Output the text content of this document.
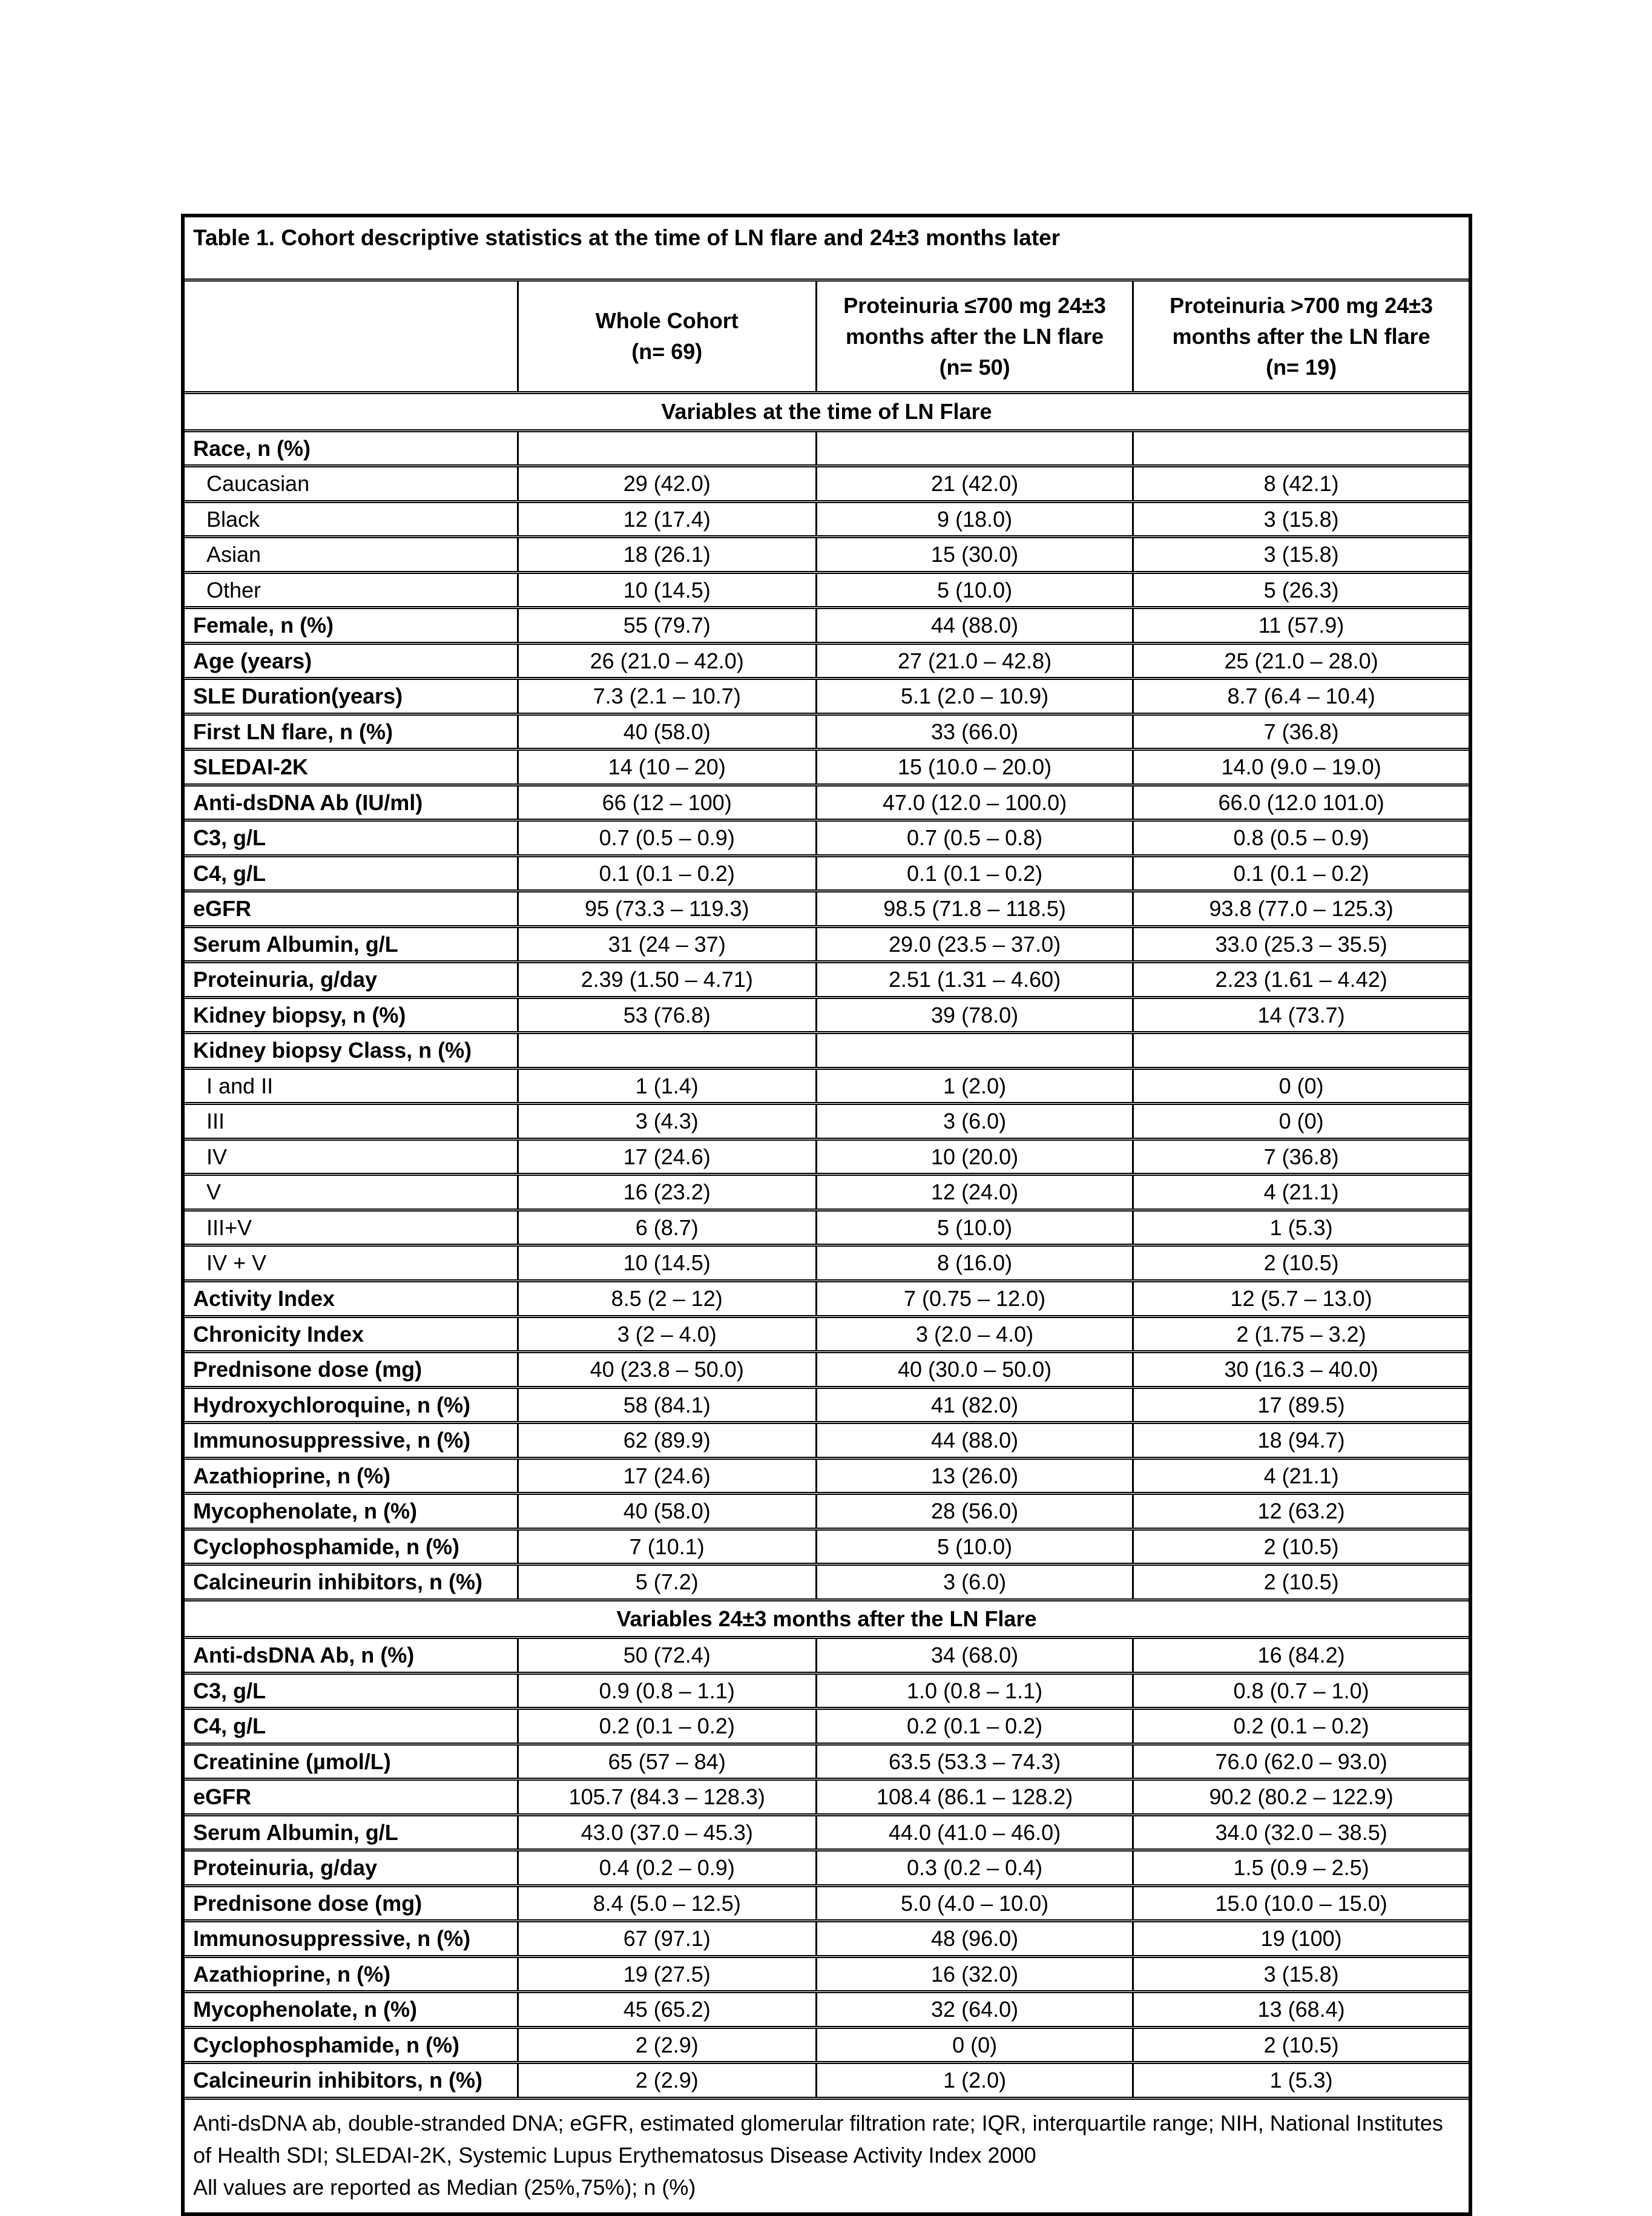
Table 1. Cohort descriptive statistics at the time of LN flare and 24±3 months later			

Whole Cohort
(n= 69)

Proteinuria ≤700 mg 24±3
months after the LN flare
(n= 50)

Proteinuria >700 mg 24±3
months after the LN flare
(n= 19)

Variables at the time of LN Flare			
Race, n (%)			
Caucasian	29 (42.0)	21 (42.0)	8 (42.1)
Black	12 (17.4)	9 (18.0)	3 (15.8)
Asian	18 (26.1)	15 (30.0)	3 (15.8)
Other	10 (14.5)	5 (10.0)	5 (26.3)
Female, n (%)	55 (79.7)	44 (88.0)	11 (57.9)
Age (years)	26 (21.0 – 42.0)	27 (21.0 – 42.8)	25 (21.0 – 28.0)
SLE Duration(years)	7.3 (2.1 – 10.7)	5.1 (2.0 – 10.9)	8.7 (6.4 – 10.4)
First LN flare, n (%)	40 (58.0)	33 (66.0)	7 (36.8)
SLEDAI-2K	14 (10 – 20)	15 (10.0 – 20.0)	14.0 (9.0 – 19.0)
Anti-dsDNA Ab (IU/ml)	66 (12 – 100)	47.0 (12.0 – 100.0)	66.0 (12.0 101.0)
C3, g/L	0.7 (0.5 – 0.9)	0.7 (0.5 – 0.8)	0.8 (0.5 – 0.9)
C4, g/L	0.1 (0.1 – 0.2)	0.1 (0.1 – 0.2)	0.1 (0.1 – 0.2)
eGFR	95 (73.3 – 119.3)	98.5 (71.8 – 118.5)	93.8 (77.0 – 125.3)
Serum Albumin, g/L	31 (24 – 37)	29.0 (23.5 – 37.0)	33.0 (25.3 – 35.5)
Proteinuria, g/day	2.39 (1.50 – 4.71)	2.51 (1.31 – 4.60)	2.23 (1.61 – 4.42)
Kidney biopsy, n (%)	53 (76.8)	39 (78.0)	14 (73.7)
Kidney biopsy Class, n (%)			
I and II	1 (1.4)	1 (2.0)	0 (0)
III	3 (4.3)	3 (6.0)	0 (0)
IV	17 (24.6)	10 (20.0)	7 (36.8)
V	16 (23.2)	12 (24.0)	4 (21.1)
III+V	6 (8.7)	5 (10.0)	1 (5.3)
IV + V	10 (14.5)	8 (16.0)	2 (10.5)
Activity Index	8.5 (2 – 12)	7 (0.75 – 12.0)	12 (5.7 – 13.0)
Chronicity Index	3 (2 – 4.0)	3 (2.0 – 4.0)	2 (1.75 – 3.2)
Prednisone dose (mg)	40 (23.8 – 50.0)	40 (30.0 – 50.0)	30 (16.3 – 40.0)
Hydroxychloroquine, n (%)	58 (84.1)	41 (82.0)	17 (89.5)
Immunosuppressive, n (%)	62 (89.9)	44 (88.0)	18 (94.7)
Azathioprine, n (%)	17 (24.6)	13 (26.0)	4 (21.1)
Mycophenolate, n (%)	40 (58.0)	28 (56.0)	12 (63.2)
Cyclophosphamide, n (%)	7 (10.1)	5 (10.0)	2 (10.5)
Calcineurin inhibitors, n (%)	5 (7.2)	3 (6.0)	2 (10.5)
Variables 24±3 months after the LN Flare			
Anti-dsDNA Ab, n (%)	50 (72.4)	34 (68.0)	16 (84.2)
C3, g/L	0.9 (0.8 – 1.1)	1.0 (0.8 – 1.1)	0.8 (0.7 – 1.0)
C4, g/L	0.2 (0.1 – 0.2)	0.2 (0.1 – 0.2)	0.2 (0.1 – 0.2)
Creatinine (µmol/L)	65 (57 – 84)	63.5 (53.3 – 74.3)	76.0 (62.0 – 93.0)
eGFR	105.7 (84.3 – 128.3)	108.4 (86.1 – 128.2)	90.2 (80.2 – 122.9)
Serum Albumin, g/L	43.0 (37.0 – 45.3)	44.0 (41.0 – 46.0)	34.0 (32.0 – 38.5)
Proteinuria, g/day	0.4 (0.2 – 0.9)	0.3 (0.2 – 0.4)	1.5 (0.9 – 2.5)
Prednisone dose (mg)	8.4 (5.0 – 12.5)	5.0 (4.0 – 10.0)	15.0 (10.0 – 15.0)
Immunosuppressive, n (%)	67 (97.1)	48 (96.0)	19 (100)
Azathioprine, n (%)	19 (27.5)	16 (32.0)	3 (15.8)
Mycophenolate, n (%)	45 (65.2)	32 (64.0)	13 (68.4)
Cyclophosphamide, n (%)	2 (2.9)	0 (0)	2 (10.5)
Calcineurin inhibitors, n (%)	2 (2.9)	1 (2.0)	1 (5.3)

Anti-dsDNA ab, double-stranded DNA; eGFR, estimated glomerular filtration rate; IQR, interquartile range; NIH, National Institutes of Health SDI; SLEDAI-2K, Systemic Lupus Erythematosus Disease Activity Index 2000
All values are reported as Median (25%,75%); n (%)			
